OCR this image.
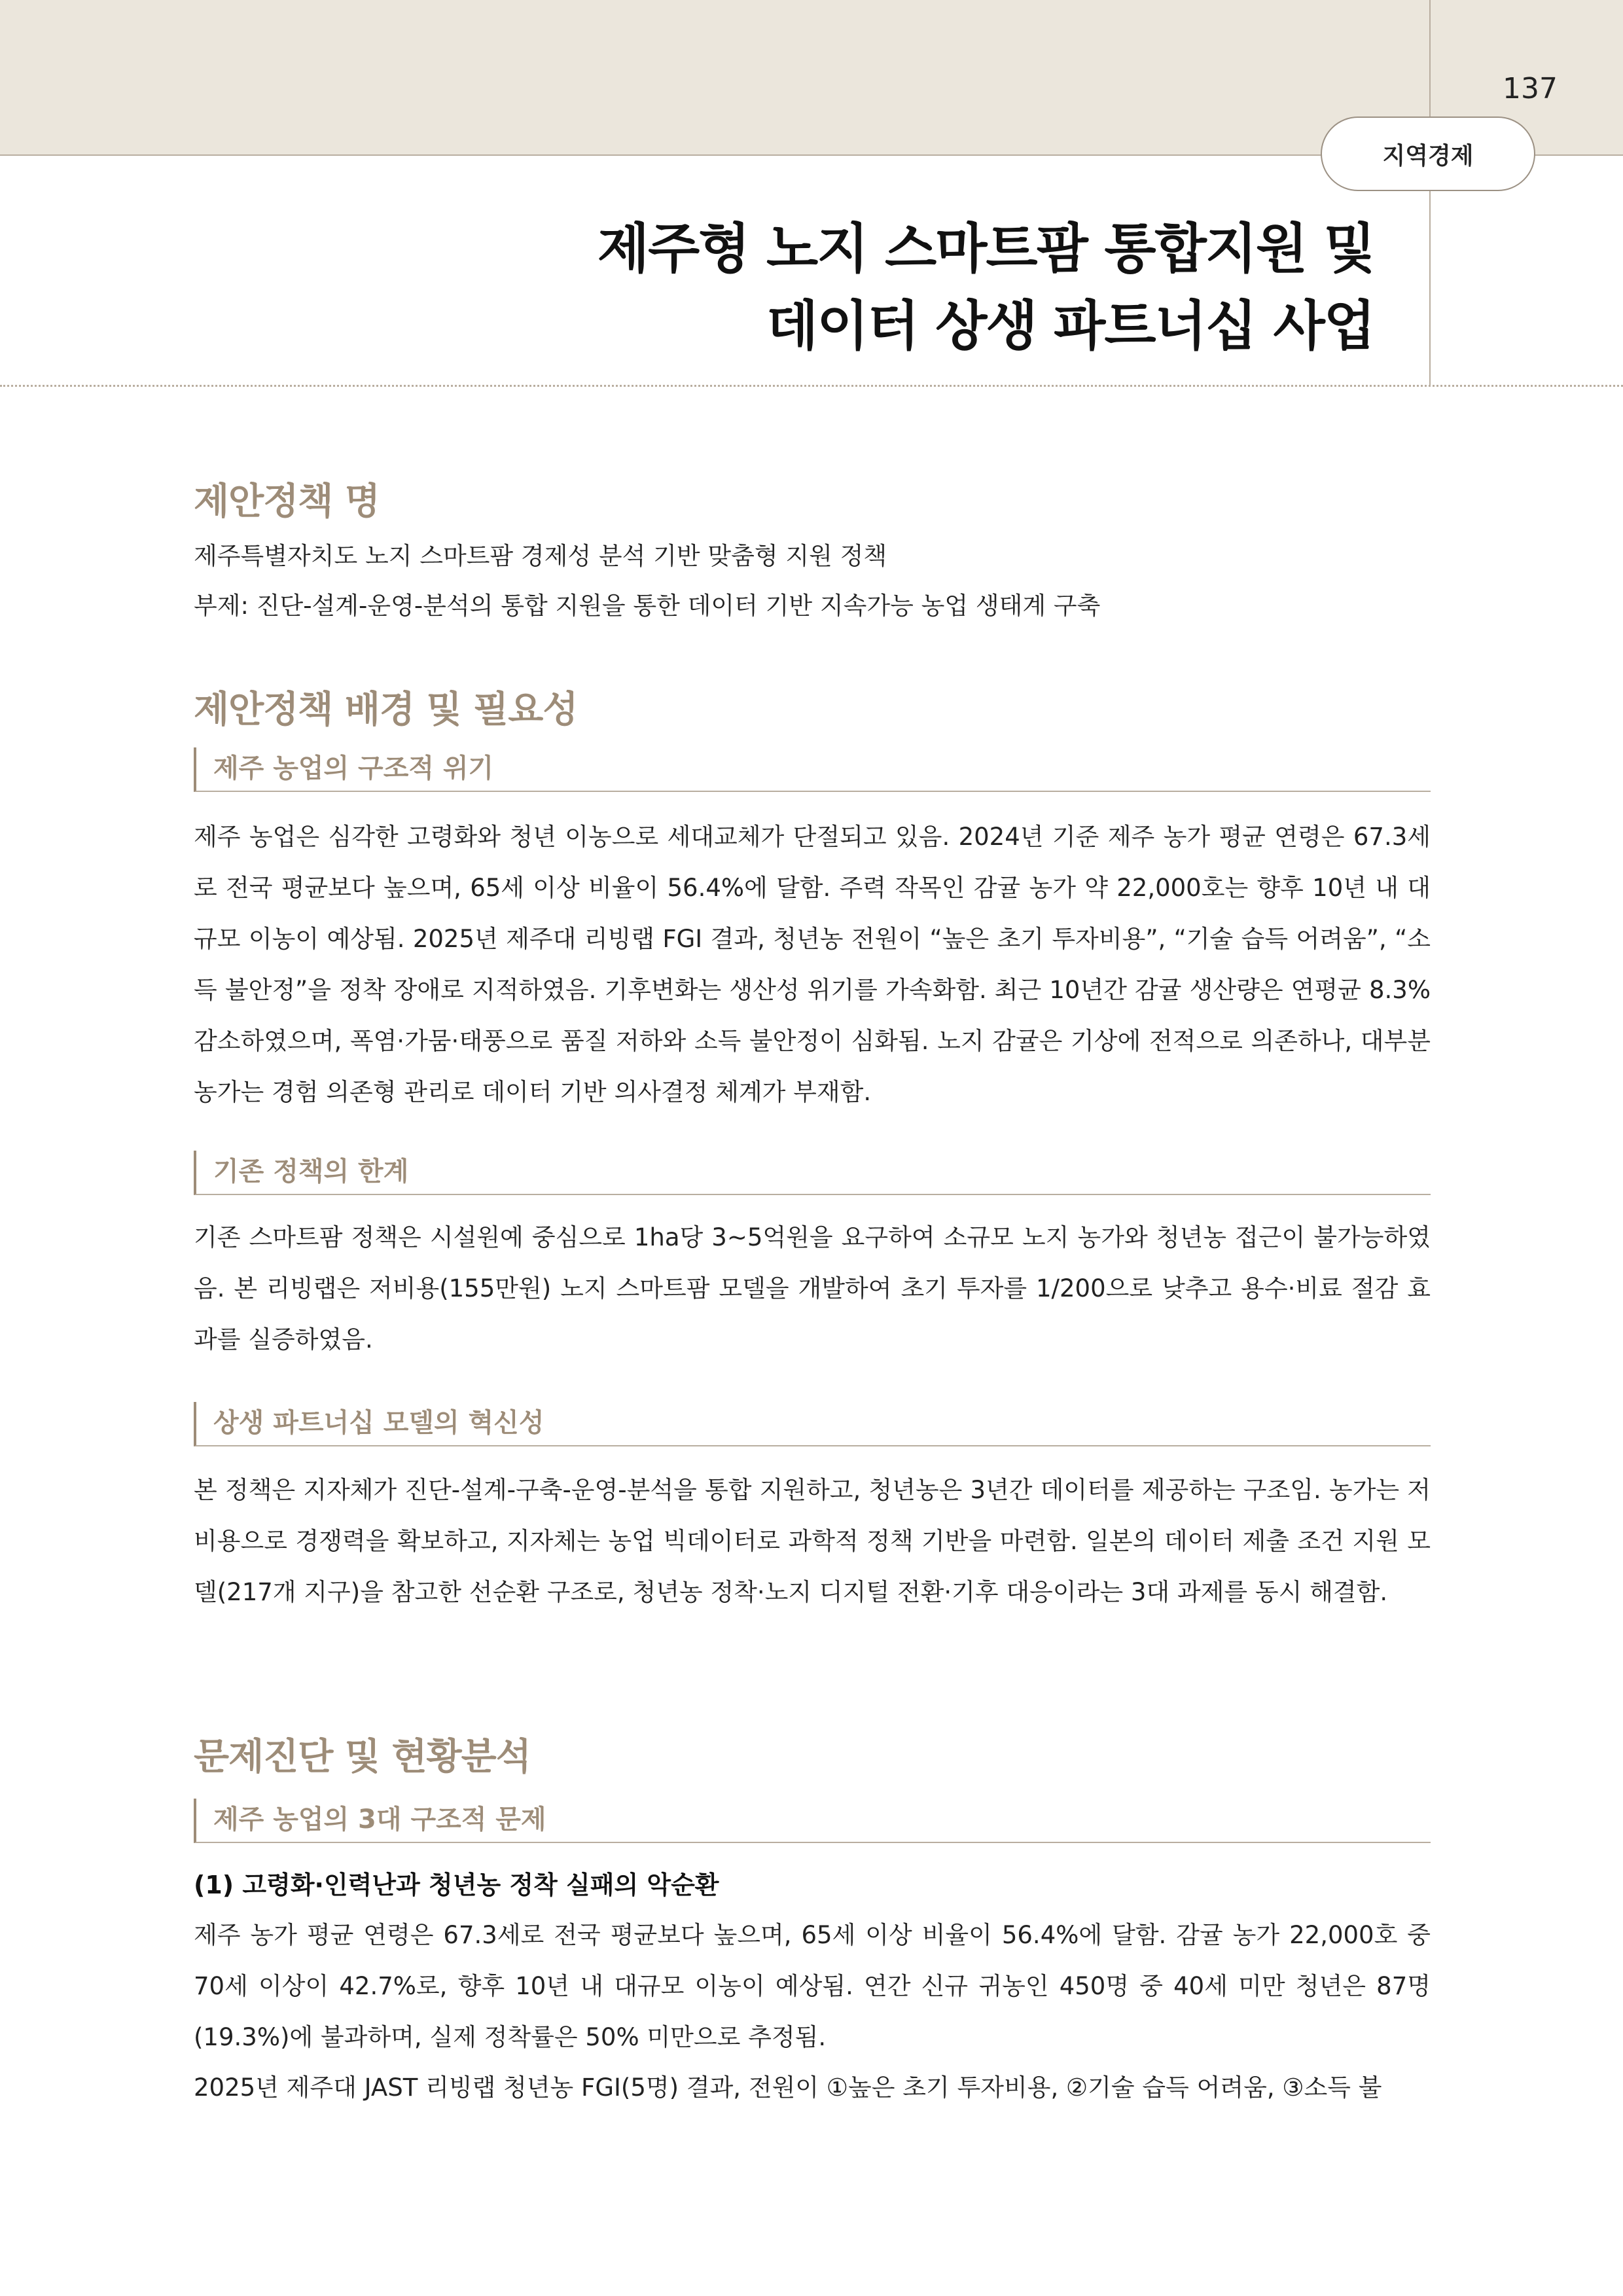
137
지역경제
제주형 노지 스마트팜 통합지원 및
데이터 상생 파트너십 사업
제안정책 명
제주특별자치도 노지 스마트팜 경제성 분석 기반 맞춤형 지원 정책
부제: 진단-설계-운영-분석의 통합 지원을 통한 데이터 기반 지속가능 농업 생태계 구축
제안정책 배경 및 필요성
제주 농업의 구조적 위기

제주 농업은 심각한 고령화와 청년 이농으로 세대교체가 단절되고 있음. 2024년 기준 제주 농가 평균 연령은 67.3세로 전국 평균보다 높으며, 65세 이상 비율이 56.4%에 달함. 주력 작목인 감귤 농가 약 22,000호는 향후 10년 내 대규모 이농이 예상됨. 2025년 제주대 리빙랩 FGI 결과, 청년농 전원이 “높은 초기 투자비용”, “기술 습득 어려움”, “소득 불안정”을 정착 장애로 지적하였음. 기후변화는 생산성 위기를 가속화함. 최근 10년간 감귤 생산량은 연평균 8.3% 감소하였으며, 폭염·가뭄·태풍으로 품질 저하와 소득 불안정이 심화됨. 노지 감귤은 기상에 전적으로 의존하나, 대부분 농가는 경험 의존형 관리로 데이터 기반 의사결정 체계가 부재함.

기존 정책의 한계

기존 스마트팜 정책은 시설원예 중심으로 1ha당 3~5억원을 요구하여 소규모 노지 농가와 청년농 접근이 불가능하였음. 본 리빙랩은 저비용(155만원) 노지 스마트팜 모델을 개발하여 초기 투자를 1/200으로 낮추고 용수·비료 절감 효과를 실증하였음.

상생 파트너십 모델의 혁신성

본 정책은 지자체가 진단-설계-구축-운영-분석을 통합 지원하고, 청년농은 3년간 데이터를 제공하는 구조임. 농가는 저비용으로 경쟁력을 확보하고, 지자체는 농업 빅데이터로 과학적 정책 기반을 마련함. 일본의 데이터 제출 조건 지원 모델(217개 지구)을 참고한 선순환 구조로, 청년농 정착·노지 디지털 전환·기후 대응이라는 3대 과제를 동시 해결함.

문제진단 및 현황분석
제주 농업의 3대 구조적 문제
(1) 고령화·인력난과 청년농 정착 실패의 악순환

제주 농가 평균 연령은 67.3세로 전국 평균보다 높으며, 65세 이상 비율이 56.4%에 달함. 감귤 농가 22,000호 중 70세 이상이 42.7%로, 향후 10년 내 대규모 이농이 예상됨. 연간 신규 귀농인 450명 중 40세 미만 청년은 87명(19.3%)에 불과하며, 실제 정착률은 50% 미만으로 추정됨.

2025년 제주대 JAST 리빙랩 청년농 FGI(5명) 결과, 전원이 ①높은 초기 투자비용, ②기술 습득 어려움, ③소득 불
